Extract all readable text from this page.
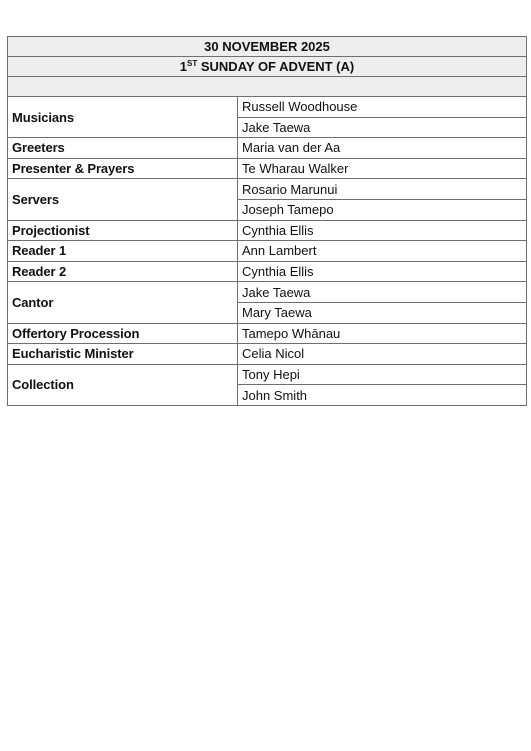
30 NOVEMBER 2025	
1ST SUNDAY OF ADVENT (A)	

Musicians	Russell Woodhouse
	Jake Taewa
Greeters	Maria van der Aa
Presenter & Prayers	Te Wharau Walker
Servers	Rosario Marunui
	Joseph Tamepo
Projectionist	Cynthia Ellis
Reader 1	Ann Lambert
Reader 2	Cynthia Ellis
Cantor	Jake Taewa
	Mary Taewa
Offertory Procession	Tamepo Whānau
Eucharistic Minister	Celia Nicol
Collection	Tony Hepi
	John Smith
